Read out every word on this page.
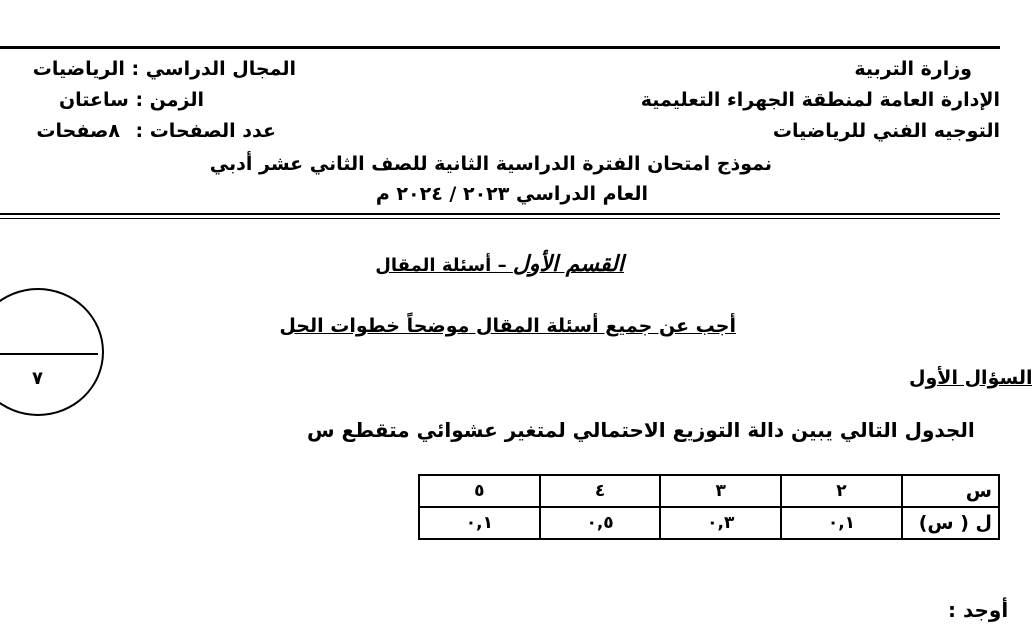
وزارة التربية
الإدارة العامة لمنطقة الجهراء التعليمية
التوجيه الفني للرياضيات
المجال الدراسي : الرياضيات
الزمن : ساعتان
عدد الصفحات :
٨صفحات
نموذج امتحان الفترة الدراسية الثانية للصف الثاني عشر أدبي
العام الدراسي ٢٠٢٣ / ٢٠٢٤ م
القسم الأول – أسئلة المقال
أجب عن جميع أسئلة المقال موضحاً خطوات الحل
٧	السؤال الأول
الجدول التالي يبين دالة التوزيع الاحتمالي لمتغير عشوائي متقطع س
س	٢	٣	٤	٥
ل ( س)	٠,١	٠,٣	٠,٥	٠,١
أوجد :
